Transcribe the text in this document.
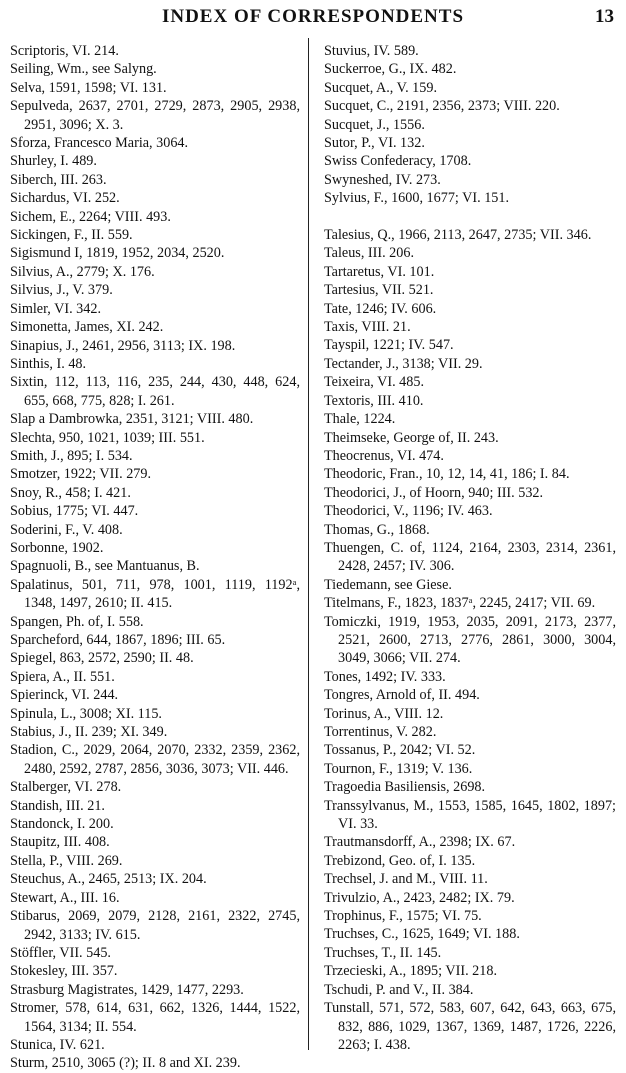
INDEX OF CORRESPONDENTS	13
Scriptoris, VI. 214.
Seiling, Wm., see Salyng.
Selva, 1591, 1598; VI. 131.
Sepulveda, 2637, 2701, 2729, 2873, 2905, 2938, 2951, 3096; X. 3.
Sforza, Francesco Maria, 3064.
Shurley, I. 489.
Siberch, III. 263.
Sichardus, VI. 252.
Sichem, E., 2264; VIII. 493.
Sickingen, F., II. 559.
Sigismund I, 1819, 1952, 2034, 2520.
Silvius, A., 2779; X. 176.
Silvius, J., V. 379.
Simler, VI. 342.
Simonetta, James, XI. 242.
Sinapius, J., 2461, 2956, 3113; IX. 198.
Sinthis, I. 48.
Sixtin, 112, 113, 116, 235, 244, 430, 448, 624, 655, 668, 775, 828; I. 261.
Slap a Dambrowka, 2351, 3121; VIII. 480.
Slechta, 950, 1021, 1039; III. 551.
Smith, J., 895; I. 534.
Smotzer, 1922; VII. 279.
Snoy, R., 458; I. 421.
Sobius, 1775; VI. 447.
Soderini, F., V. 408.
Sorbonne, 1902.
Spagnuoli, B., see Mantuanus, B.
Spalatinus, 501, 711, 978, 1001, 1119, 1192ᵃ, 1348, 1497, 2610; II. 415.
Spangen, Ph. of, I. 558.
Sparcheford, 644, 1867, 1896; III. 65.
Spiegel, 863, 2572, 2590; II. 48.
Spiera, A., II. 551.
Spierinck, VI. 244.
Spinula, L., 3008; XI. 115.
Stabius, J., II. 239; XI. 349.
Stadion, C., 2029, 2064, 2070, 2332, 2359, 2362, 2480, 2592, 2787, 2856, 3036, 3073; VII. 446.
Stalberger, VI. 278.
Standish, III. 21.
Standonck, I. 200.
Staupitz, III. 408.
Stella, P., VIII. 269.
Steuchus, A., 2465, 2513; IX. 204.
Stewart, A., III. 16.
Stibarus, 2069, 2079, 2128, 2161, 2322, 2745, 2942, 3133; IV. 615.
Stöffler, VII. 545.
Stokesley, III. 357.
Strasburg Magistrates, 1429, 1477, 2293.
Stromer, 578, 614, 631, 662, 1326, 1444, 1522, 1564, 3134; II. 554.
Stunica, IV. 621.
Sturm, 2510, 3065 (?); II. 8 and XI. 239.
Stuvius, IV. 589.
Suckerroe, G., IX. 482.
Sucquet, A., V. 159.
Sucquet, C., 2191, 2356, 2373; VIII. 220.
Sucquet, J., 1556.
Sutor, P., VI. 132.
Swiss Confederacy, 1708.
Swyneshed, IV. 273.
Sylvius, F., 1600, 1677; VI. 151.
Talesius, Q., 1966, 2113, 2647, 2735; VII. 346.
Taleus, III. 206.
Tartaretus, VI. 101.
Tartesius, VII. 521.
Tate, 1246; IV. 606.
Taxis, VIII. 21.
Tayspil, 1221; IV. 547.
Tectander, J., 3138; VII. 29.
Teixeira, VI. 485.
Textoris, III. 410.
Thale, 1224.
Theimseke, George of, II. 243.
Theocrenus, VI. 474.
Theodoric, Fran., 10, 12, 14, 41, 186; I. 84.
Theodorici, J., of Hoorn, 940; III. 532.
Theodorici, V., 1196; IV. 463.
Thomas, G., 1868.
Thuengen, C. of, 1124, 2164, 2303, 2314, 2361, 2428, 2457; IV. 306.
Tiedemann, see Giese.
Titelmans, F., 1823, 1837ᵃ, 2245, 2417; VII. 69.
Tomiczki, 1919, 1953, 2035, 2091, 2173, 2377, 2521, 2600, 2713, 2776, 2861, 3000, 3004, 3049, 3066; VII. 274.
Tones, 1492; IV. 333.
Tongres, Arnold of, II. 494.
Torinus, A., VIII. 12.
Torrentinus, V. 282.
Tossanus, P., 2042; VI. 52.
Tournon, F., 1319; V. 136.
Tragoedia Basiliensis, 2698.
Transsylvanus, M., 1553, 1585, 1645, 1802, 1897; VI. 33.
Trautmansdorff, A., 2398; IX. 67.
Trebizond, Geo. of, I. 135.
Trechsel, J. and M., VIII. 11.
Trivulzio, A., 2423, 2482; IX. 79.
Trophinus, F., 1575; VI. 75.
Truchses, C., 1625, 1649; VI. 188.
Truchses, T., II. 145.
Trzecieski, A., 1895; VII. 218.
Tschudi, P. and V., II. 384.
Tunstall, 571, 572, 583, 607, 642, 643, 663, 675, 832, 886, 1029, 1367, 1369, 1487, 1726, 2226, 2263; I. 438.
